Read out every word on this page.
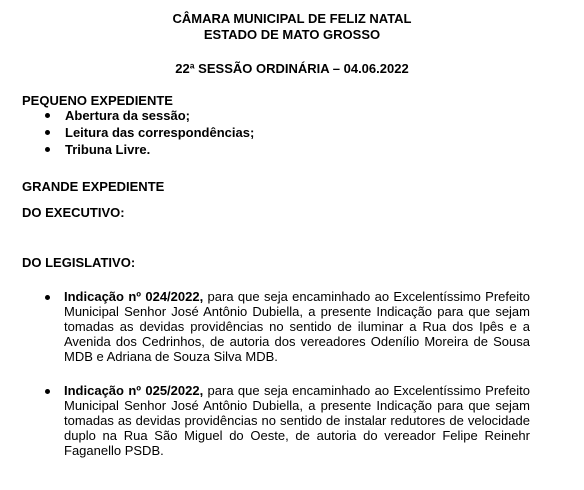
CÂMARA MUNICIPAL DE FELIZ NATAL
ESTADO DE MATO GROSSO
22ª SESSÃO ORDINÁRIA – 04.06.2022
PEQUENO EXPEDIENTE
Abertura da sessão;
Leitura das correspondências;
Tribuna Livre.
GRANDE EXPEDIENTE
DO EXECUTIVO:
DO LEGISLATIVO:
Indicação nº 024/2022, para que seja encaminhado ao Excelentíssimo Prefeito Municipal Senhor José Antônio Dubiella, a presente Indicação para que sejam tomadas as devidas providências no sentido de iluminar a Rua dos Ipês e a Avenida dos Cedrinhos, de autoria dos vereadores Odenílio Moreira de Sousa MDB e Adriana de Souza Silva MDB.
Indicação nº 025/2022, para que seja encaminhado ao Excelentíssimo Prefeito Municipal Senhor José Antônio Dubiella, a presente Indicação para que sejam tomadas as devidas providências no sentido de instalar redutores de velocidade duplo na Rua São Miguel do Oeste, de autoria do vereador Felipe Reinehr Faganello PSDB.
